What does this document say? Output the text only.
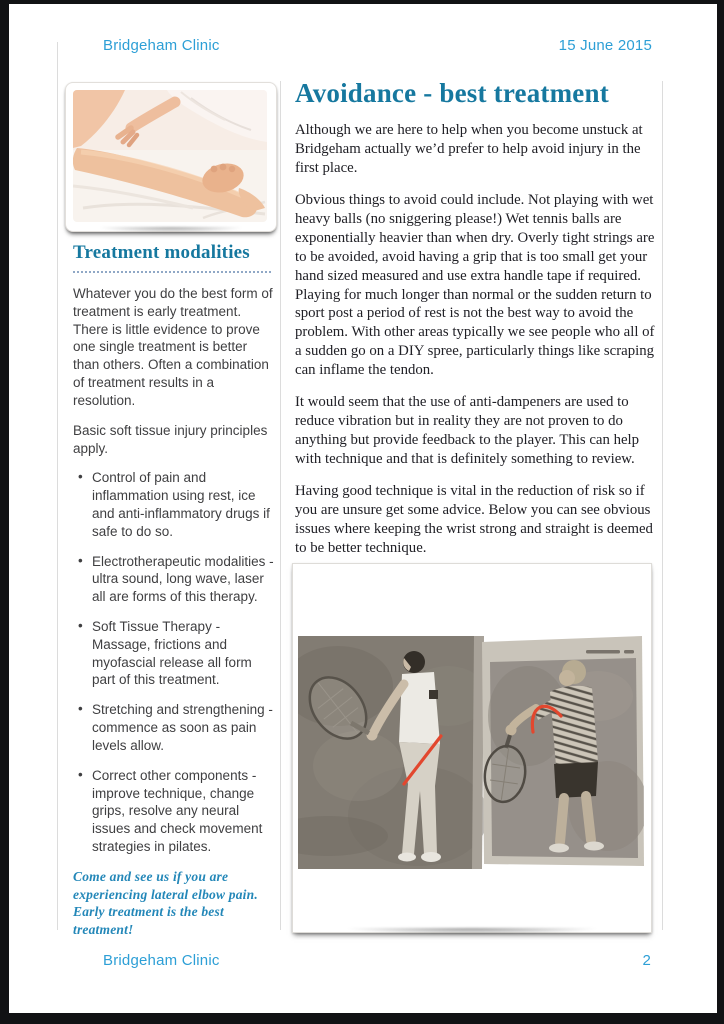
Bridgeham Clinic	15 June 2015
Treatment modalities

Whatever you do the best form of treatment is early treatment. There is little evidence to prove one single treatment is better than others. Often a combination of treatment results in a resolution.

Basic soft tissue injury principles apply.

• Control of pain and inflammation using rest, ice and anti-inflammatory drugs if safe to do so.
• Electrotherapeutic modalities - ultra sound, long wave, laser all are forms of this therapy.
• Soft Tissue Therapy - Massage, frictions and myofascial release all form part of this treatment.
• Stretching and strengthening - commence as soon as pain levels allow.
• Correct other components - improve technique, change grips, resolve any neural issues and check movement strategies in pilates.

Come and see us if you are experiencing lateral elbow pain. Early treatment is the best treatment!

Avoidance - best treatment

Although we are here to help when you become unstuck at Bridgeham actually we’d prefer to help avoid injury in the first place.

Obvious things to avoid could include. Not playing with wet heavy balls (no sniggering please!) Wet tennis balls are exponentially heavier than when dry. Overly tight strings are to be avoided, avoid having a grip that is too small get your hand sized measured and use extra handle tape if required. Playing for much longer than normal or the sudden return to sport post a period of rest is not the best way to avoid the problem. With other areas typically we see people who all of a sudden go on a DIY spree, particularly things like scraping can inflame the tendon.

It would seem that the use of anti-dampeners are used to reduce vibration but in reality they are not proven to do anything but provide feedback to the player. This can help with technique and that is definitely something to review.

Having good technique is vital in the reduction of risk so if you are unsure get some advice. Below you can see obvious issues where keeping the wrist strong and straight is deemed to be better technique.

Bridgeham Clinic	2
